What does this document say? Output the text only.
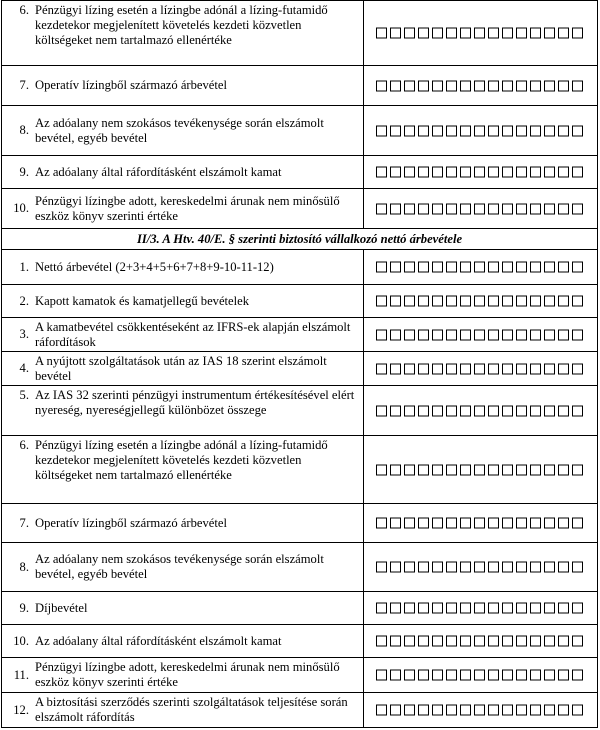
6. Pénzügyi lízing esetén a lízingbe adónál a lízing-futamidő kezdetekor megjelenített követelés kezdeti közvetlen költségeket nem tartalmazó ellenértéke
7. Operatív lízingből származó árbevétel
8.
Az adóalany nem szokásos tevékenysége során elszámolt bevétel, egyéb bevétel
9. Az adóalany által ráfordításként elszámolt kamat
10.
Pénzügyi lízingbe adott, kereskedelmi árunak nem minősülő eszköz könyv szerinti értéke
II/3. A Htv. 40/E. § szerinti biztosító vállalkozó nettó árbevétele
1. Nettó árbevétel (2+3+4+5+6+7+8+9-10-11-12)
2. Kapott kamatok és kamatjellegű bevételek
3.
A kamatbevétel csökkentéseként az IFRS-ek alapján elszámolt ráfordítások
4.
A nyújtott szolgáltatások után az IAS 18 szerint elszámolt bevétel
5. Az IAS 32 szerinti pénzügyi instrumentum értékesítésével elért nyereség, nyereségjellegű különbözet összege
6. Pénzügyi lízing esetén a lízingbe adónál a lízing-futamidő kezdetekor megjelenített követelés kezdeti közvetlen költségeket nem tartalmazó ellenértéke
7. Operatív lízingből származó árbevétel
8.
Az adóalany nem szokásos tevékenysége során elszámolt bevétel, egyéb bevétel
9. Díjbevétel
10. Az adóalany által ráfordításként elszámolt kamat
11.
Pénzügyi lízingbe adott, kereskedelmi árunak nem minősülő eszköz könyv szerinti értéke
12.
A biztosítási szerződés szerinti szolgáltatások teljesítése során elszámolt ráfordítás
